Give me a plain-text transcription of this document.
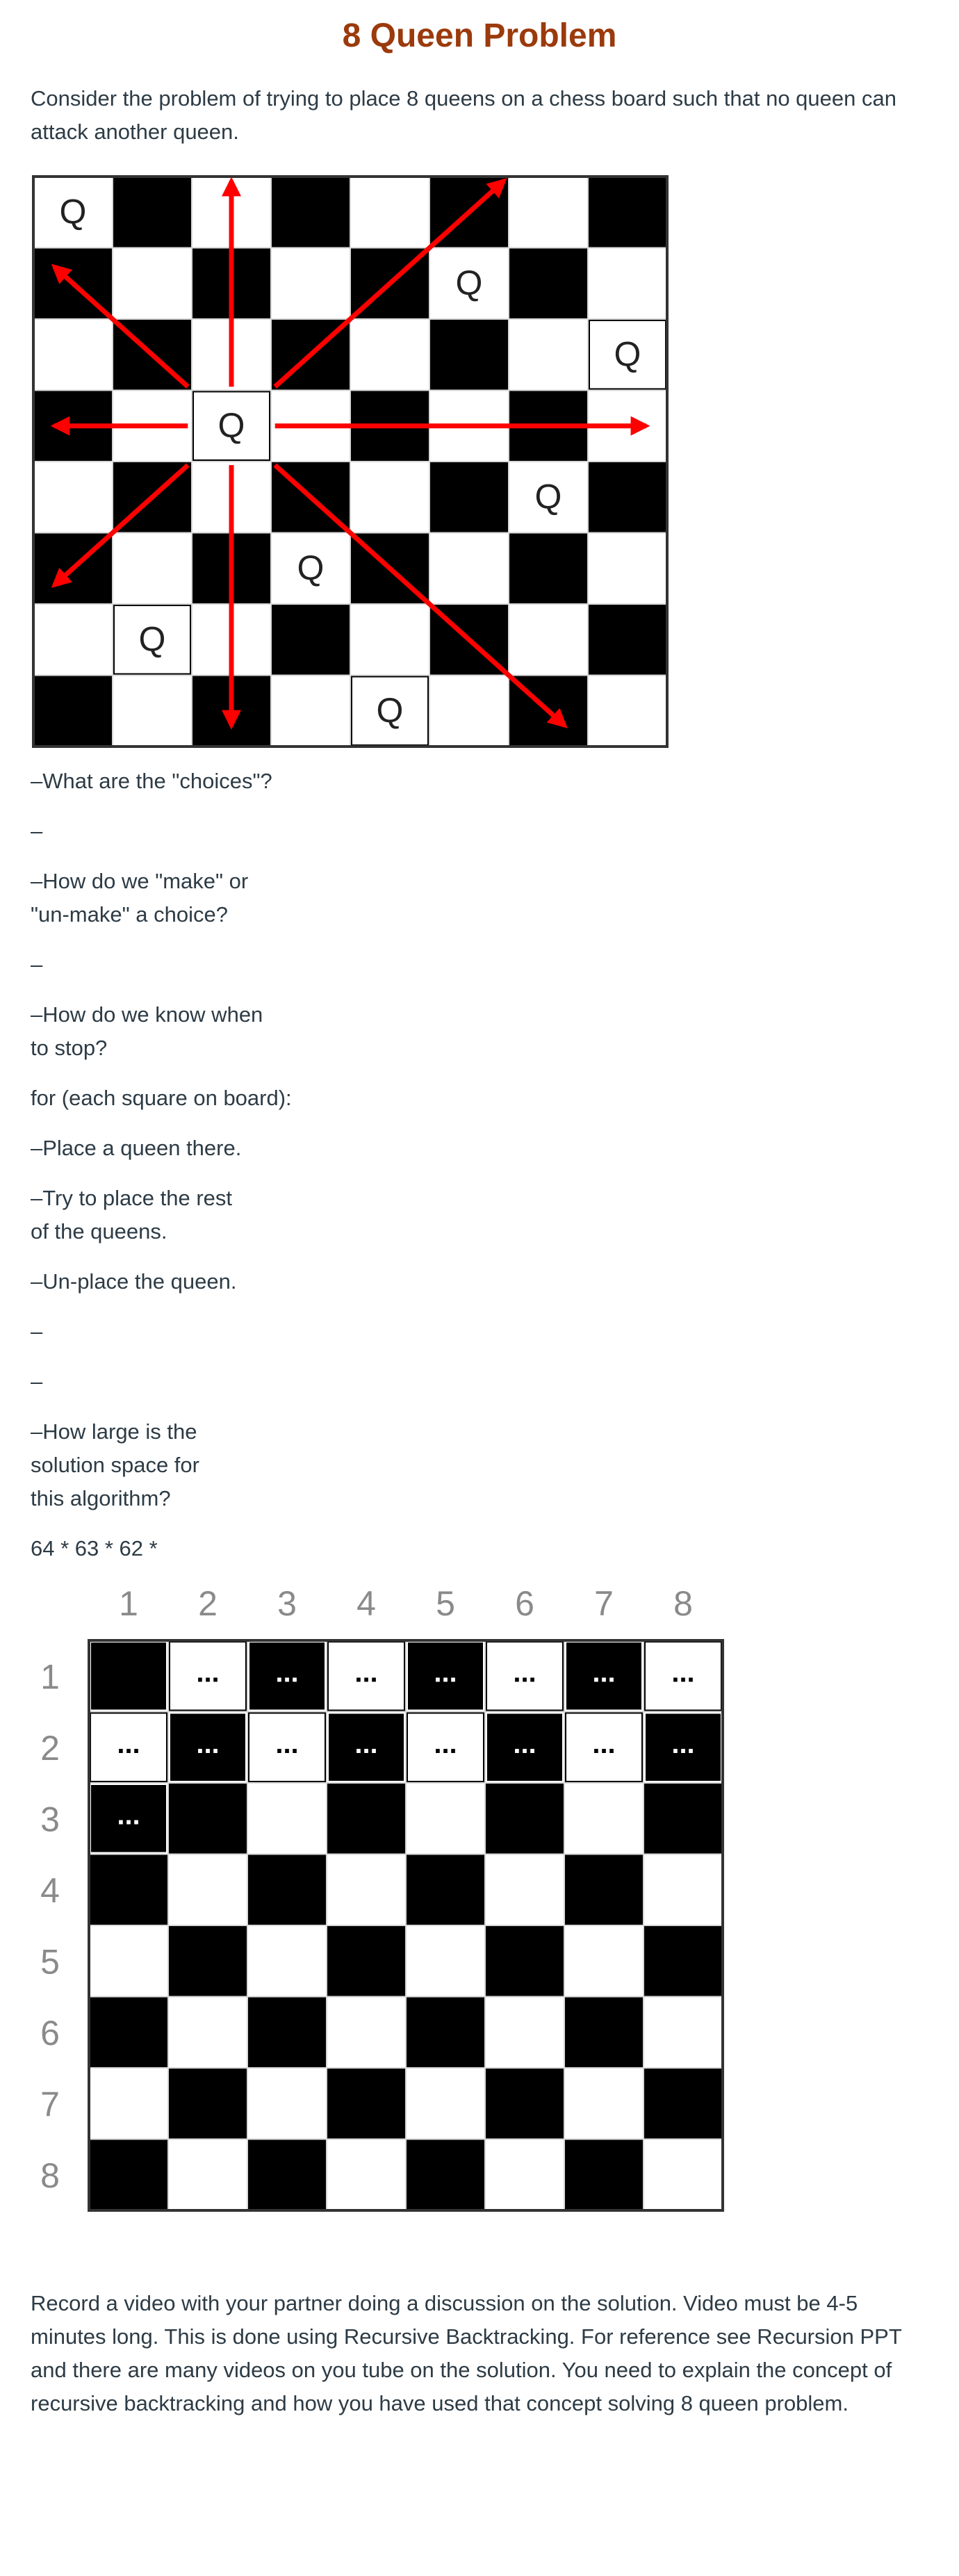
8 Queen Problem

Consider the problem of trying to place 8 queens on a chess board such that no queen can attack another queen.

Q
Q
Q
Q
Q
Q
Q
Q

–What are the "choices"?

–

–How do we "make" or
"un-make" a choice?

–

–How do we know when
to stop?

for (each square on board):

–Place a queen there.

–Try to place the rest
of the queens.

–Un-place the queen.

–

–

–How large is the
solution space for
this algorithm?

64 * 63 * 62 *

1 2 3 4 5 6 7 8
1
2
3
4
5
6
7
8
Q ... ... ... ... ... ... ...
... ... ... ... ... ... ... ...
...

Record a video with your partner doing a discussion on the solution. Video must be 4-5 minutes long. This is done using Recursive Backtracking. For reference see Recursion PPT and there are many videos on you tube on the solution. You need to explain the concept of recursive backtracking and how you have used that concept solving 8 queen problem.
